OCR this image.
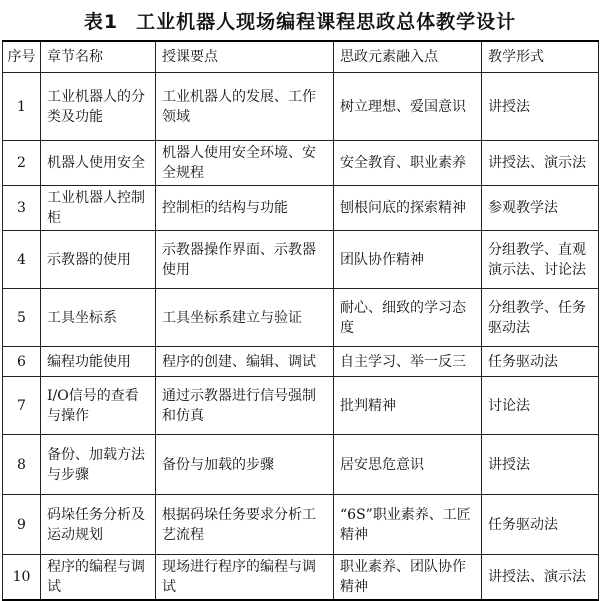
表1 工业机器人现场编程课程思政总体教学设计
序号	章节名称	授课要点	思政元素融入点	教学形式
1	工业机器人的分类及功能	工业机器人的发展、工作领域	树立理想、爱国意识	讲授法
2	机器人使用安全	机器人使用安全环境、安全规程	安全教育、职业素养	讲授法、演示法
3	工业机器人控制柜	控制柜的结构与功能	刨根问底的探索精神	参观教学法
4	示教器的使用	示教器操作界面、示教器使用	团队协作精神	分组教学、直观演示法、讨论法
5	工具坐标系	工具坐标系建立与验证	耐心、细致的学习态度	分组教学、任务驱动法
6	编程功能使用	程序的创建、编辑、调试	自主学习、举一反三	任务驱动法
7	I/O信号的查看与操作	通过示教器进行信号强制和仿真	批判精神	讨论法
8	备份、加载方法与步骤	备份与加载的步骤	居安思危意识	讲授法
9	码垛任务分析及运动规划	根据码垛任务要求分析工艺流程	“6S”职业素养、工匠精神	任务驱动法
10	程序的编程与调试	现场进行程序的编程与调试	职业素养、团队协作精神	讲授法、演示法
